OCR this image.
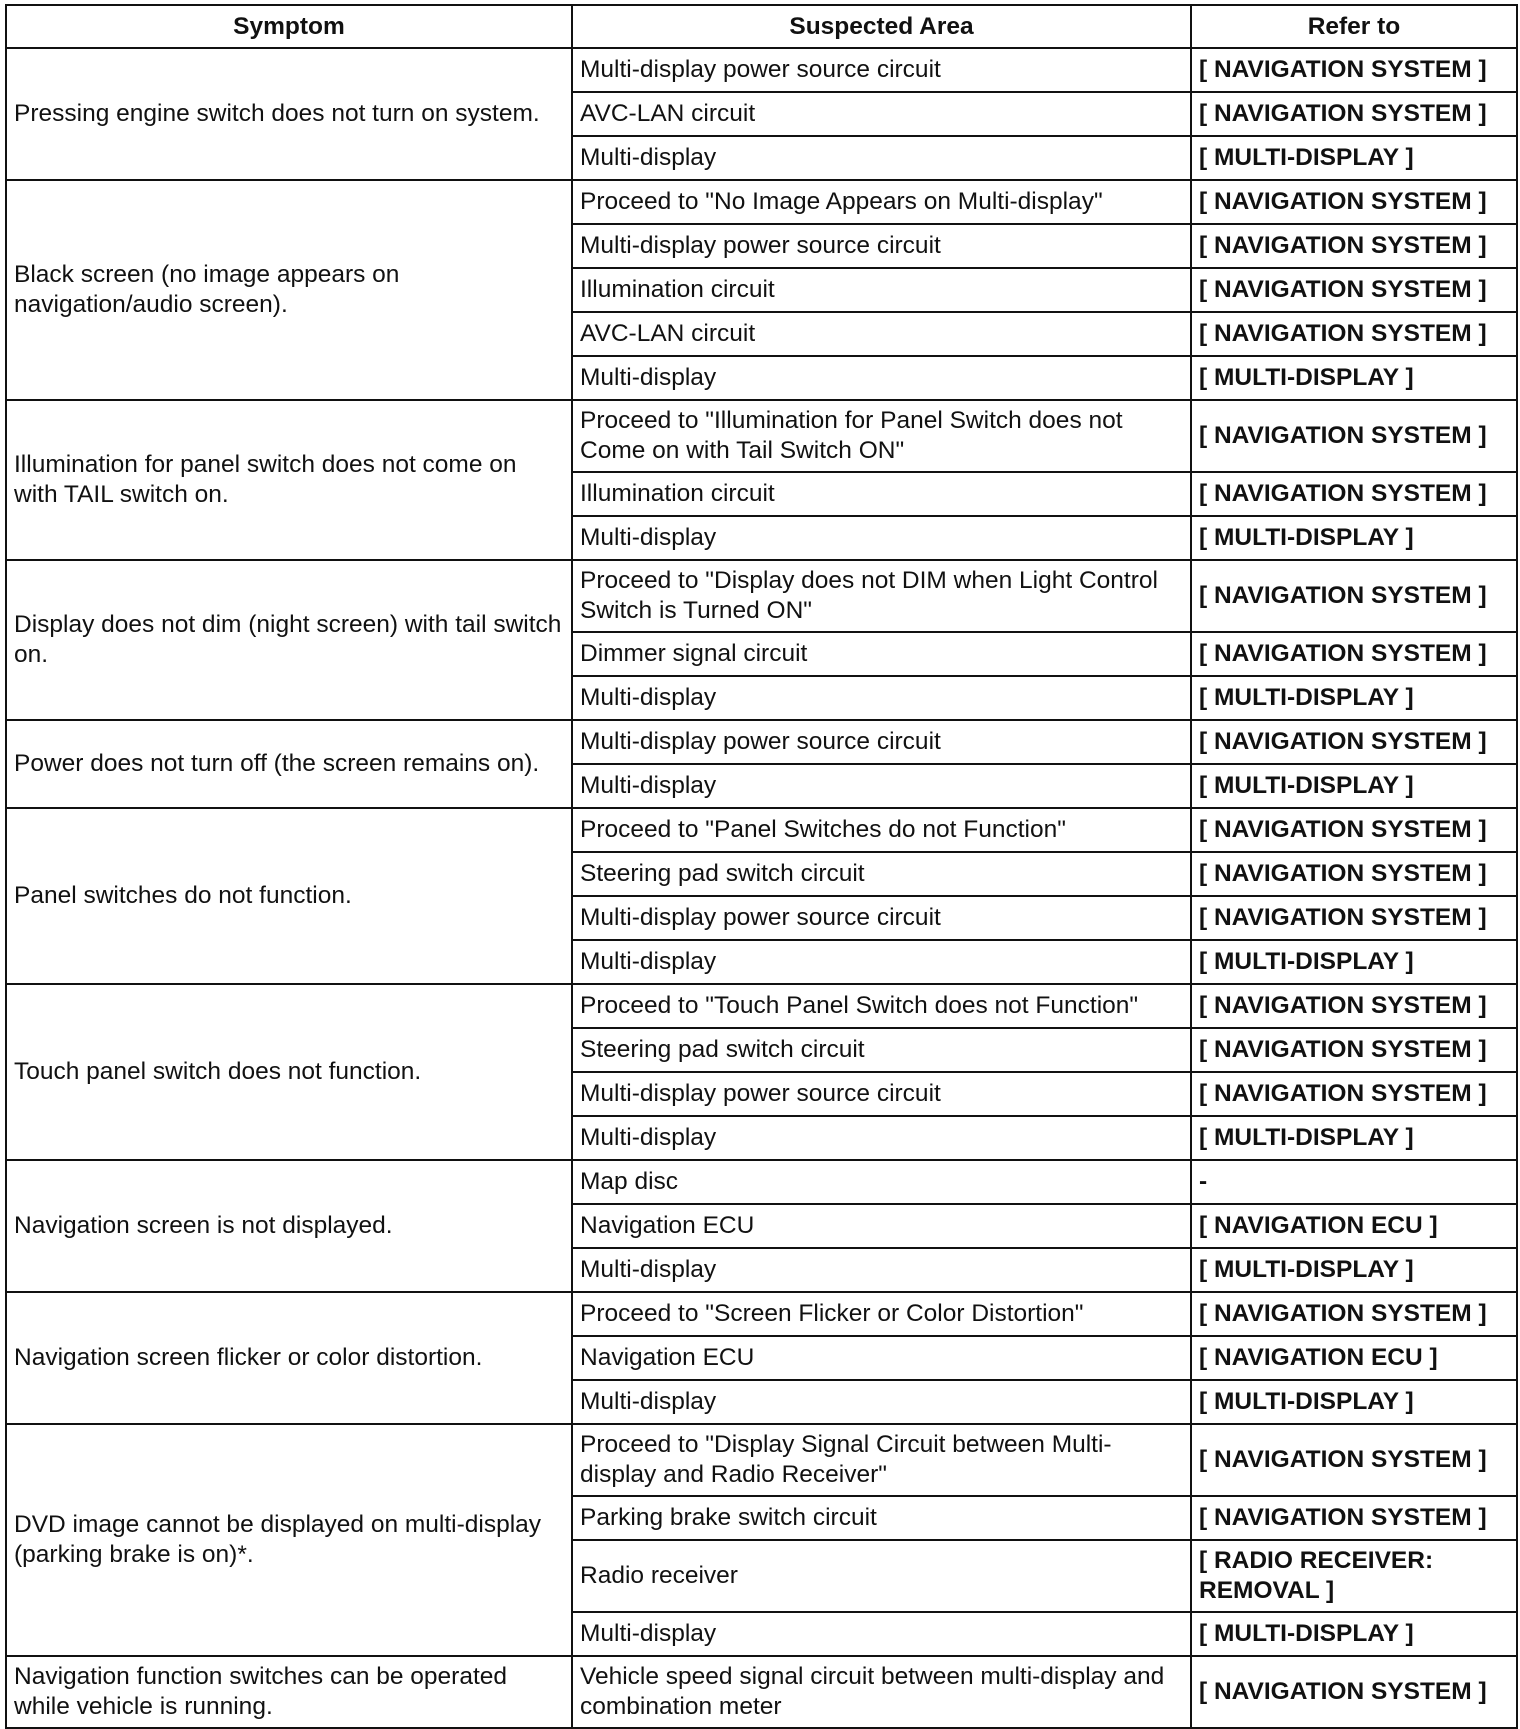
Symptom	Suspected Area	Refer to
Pressing engine switch does not turn on system.	Multi-display power source circuit	[ NAVIGATION SYSTEM ]
	AVC-LAN circuit	[ NAVIGATION SYSTEM ]
	Multi-display	[ MULTI-DISPLAY ]
Black screen (no image appears on navigation/audio screen).	Proceed to "No Image Appears on Multi-display"	[ NAVIGATION SYSTEM ]
	Multi-display power source circuit	[ NAVIGATION SYSTEM ]
	Illumination circuit	[ NAVIGATION SYSTEM ]
	AVC-LAN circuit	[ NAVIGATION SYSTEM ]
	Multi-display	[ MULTI-DISPLAY ]
Illumination for panel switch does not come on with TAIL switch on.	Proceed to "Illumination for Panel Switch does not Come on with Tail Switch ON"	[ NAVIGATION SYSTEM ]
	Illumination circuit	[ NAVIGATION SYSTEM ]
	Multi-display	[ MULTI-DISPLAY ]
Display does not dim (night screen) with tail switch on.	Proceed to "Display does not DIM when Light Control Switch is Turned ON"	[ NAVIGATION SYSTEM ]
	Dimmer signal circuit	[ NAVIGATION SYSTEM ]
	Multi-display	[ MULTI-DISPLAY ]
Power does not turn off (the screen remains on).	Multi-display power source circuit	[ NAVIGATION SYSTEM ]
	Multi-display	[ MULTI-DISPLAY ]
Panel switches do not function.	Proceed to "Panel Switches do not Function"	[ NAVIGATION SYSTEM ]
	Steering pad switch circuit	[ NAVIGATION SYSTEM ]
	Multi-display power source circuit	[ NAVIGATION SYSTEM ]
	Multi-display	[ MULTI-DISPLAY ]
Touch panel switch does not function.	Proceed to "Touch Panel Switch does not Function"	[ NAVIGATION SYSTEM ]
	Steering pad switch circuit	[ NAVIGATION SYSTEM ]
	Multi-display power source circuit	[ NAVIGATION SYSTEM ]
	Multi-display	[ MULTI-DISPLAY ]
Navigation screen is not displayed.	Map disc	-
	Navigation ECU	[ NAVIGATION ECU ]
	Multi-display	[ MULTI-DISPLAY ]
Navigation screen flicker or color distortion.	Proceed to "Screen Flicker or Color Distortion"	[ NAVIGATION SYSTEM ]
	Navigation ECU	[ NAVIGATION ECU ]
	Multi-display	[ MULTI-DISPLAY ]
DVD image cannot be displayed on multi-display (parking brake is on)*.	Proceed to "Display Signal Circuit between Multi-display and Radio Receiver"	[ NAVIGATION SYSTEM ]
	Parking brake switch circuit	[ NAVIGATION SYSTEM ]
	Radio receiver	[ RADIO RECEIVER: REMOVAL ]
	Multi-display	[ MULTI-DISPLAY ]
Navigation function switches can be operated while vehicle is running.	Vehicle speed signal circuit between multi-display and combination meter	[ NAVIGATION SYSTEM ]
